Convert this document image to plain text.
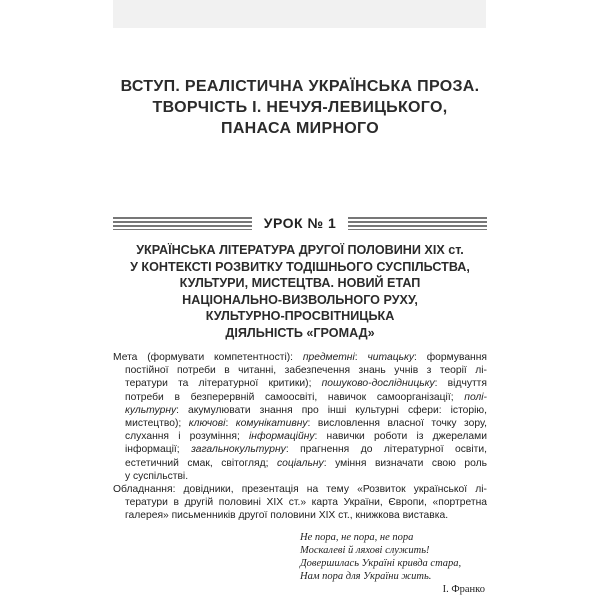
ВСТУП. РЕАЛІСТИЧНА УКРАЇНСЬКА ПРОЗА.
ТВОРЧІСТЬ І. НЕЧУЯ-ЛЕВИЦЬКОГО,
ПАНАСА МИРНОГО
УРОК № 1
УКРАЇНСЬКА ЛІТЕРАТУРА ДРУГОЇ ПОЛОВИНИ XIX ст.
У КОНТЕКСТІ РОЗВИТКУ ТОДІШНЬОГО СУСПІЛЬСТВА,
КУЛЬТУРИ, МИСТЕЦТВА. НОВИЙ ЕТАП
НАЦІОНАЛЬНО-ВИЗВОЛЬНОГО РУХУ,
КУЛЬТУРНО-ПРОСВІТНИЦЬКА
ДІЯЛЬНІСТЬ «ГРОМАД»
Мета (формувати компетентності): предметні: читацьку: формування
постійної потреби в читанні, забезпечення знань учнів з теорії лі-
тератури та літературної критики); пошуково-дослідницьку: відчуття
потреби в безперервній самоосвіті, навичок самоорганізації; полі-
культурну: акумулювати знання про інші культурні сфери: історію,
мистецтво); ключові: комунікативну: висловлення власної точку зору,
слухання і розуміння; інформаційну: навички роботи із джерелами
інформації; загальнокультурну: прагнення до літературної освіти,
естетичний смак, світогляд; соціальну: уміння визначати свою роль
у суспільстві.
Обладнання: довідники, презентація на тему «Розвиток української лі-
тератури в другій половині XIX ст.» карта України, Європи, «портретна
галерея» письменників другої половини XIX ст., книжкова виставка.
Не пора, не пора, не пора
Москалеві й ляхові служить!
Довершилась Україні кривда стара,
Нам пора для України жить.
І. Франко
